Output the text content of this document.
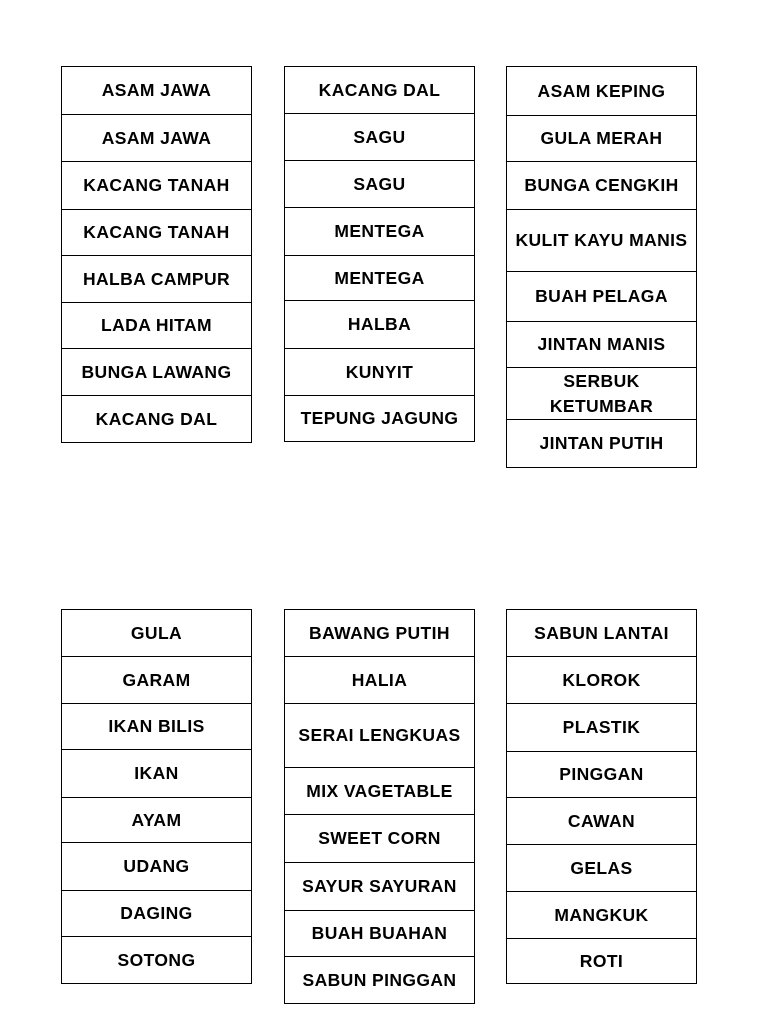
ASAM JAWA
ASAM JAWA
KACANG TANAH
KACANG TANAH
HALBA CAMPUR
LADA HITAM
BUNGA LAWANG
KACANG DAL
KACANG DAL
SAGU
SAGU
MENTEGA
MENTEGA
HALBA
KUNYIT
TEPUNG JAGUNG
ASAM KEPING
GULA MERAH
BUNGA CENGKIH
KULIT KAYU MANIS
BUAH PELAGA
JINTAN MANIS
SERBUK KETUMBAR
JINTAN PUTIH
GULA
GARAM
IKAN BILIS
IKAN
AYAM
UDANG
DAGING
SOTONG
BAWANG PUTIH
HALIA
SERAI LENGKUAS
MIX VAGETABLE
SWEET CORN
SAYUR SAYURAN
BUAH BUAHAN
SABUN PINGGAN
SABUN LANTAI
KLOROK
PLASTIK
PINGGAN
CAWAN
GELAS
MANGKUK
ROTI
